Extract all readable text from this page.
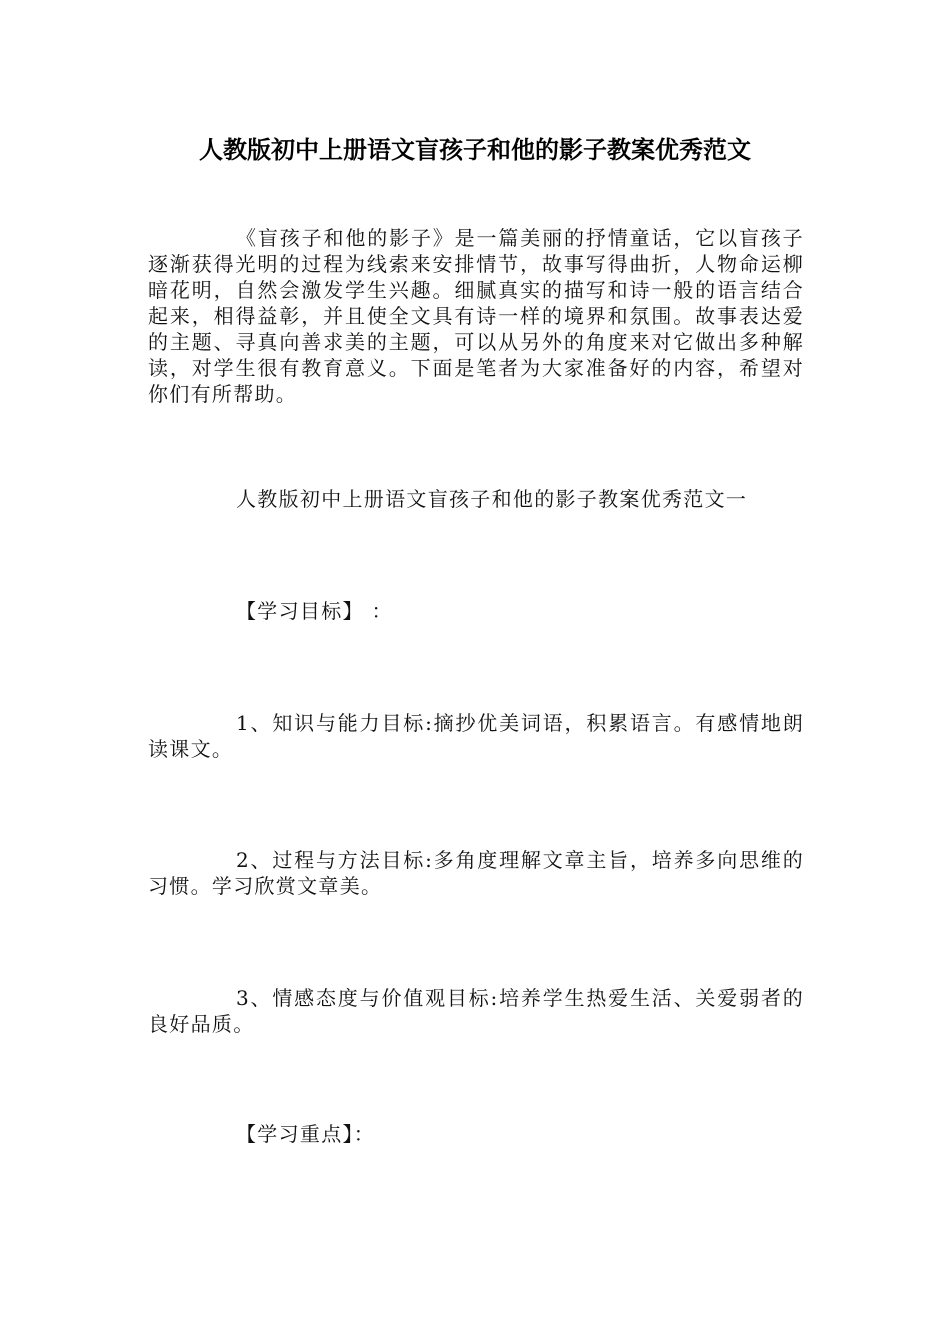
人教版初中上册语文盲孩子和他的影子教案优秀范文

《盲孩子和他的影子》是一篇美丽的抒情童话，它以盲孩子逐渐获得光明的过程为线索来安排情节，故事写得曲折，人物命运柳暗花明，自然会激发学生兴趣。细腻真实的描写和诗一般的语言结合起来，相得益彰，并且使全文具有诗一样的境界和氛围。故事表达爱的主题、寻真向善求美的主题，可以从另外的角度来对它做出多种解读，对学生很有教育意义。下面是笔者为大家准备好的内容，希望对你们有所帮助。

人教版初中上册语文盲孩子和他的影子教案优秀范文一

【学习目标】 ：

1、知识与能力目标:摘抄优美词语，积累语言。有感情地朗读课文。

2、过程与方法目标:多角度理解文章主旨，培养多向思维的习惯。学习欣赏文章美。

3、情感态度与价值观目标:培养学生热爱生活、关爱弱者的良好品质。

【学习重点】：
